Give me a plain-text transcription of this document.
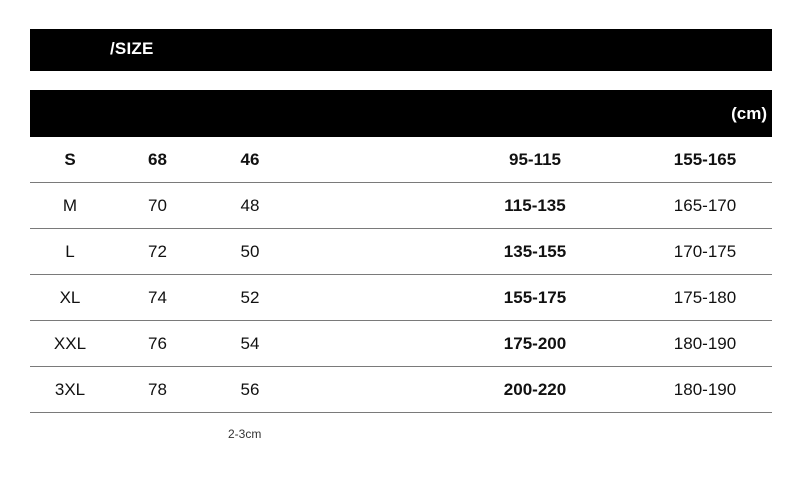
/SIZE
(cm)
S	68	46	95-115	155-165
M	70	48	115-135	165-170
L	72	50	135-155	170-175
XL	74	52	155-175	175-180
XXL	76	54	175-200	180-190
3XL	78	56	200-220	180-190
2-3cm
